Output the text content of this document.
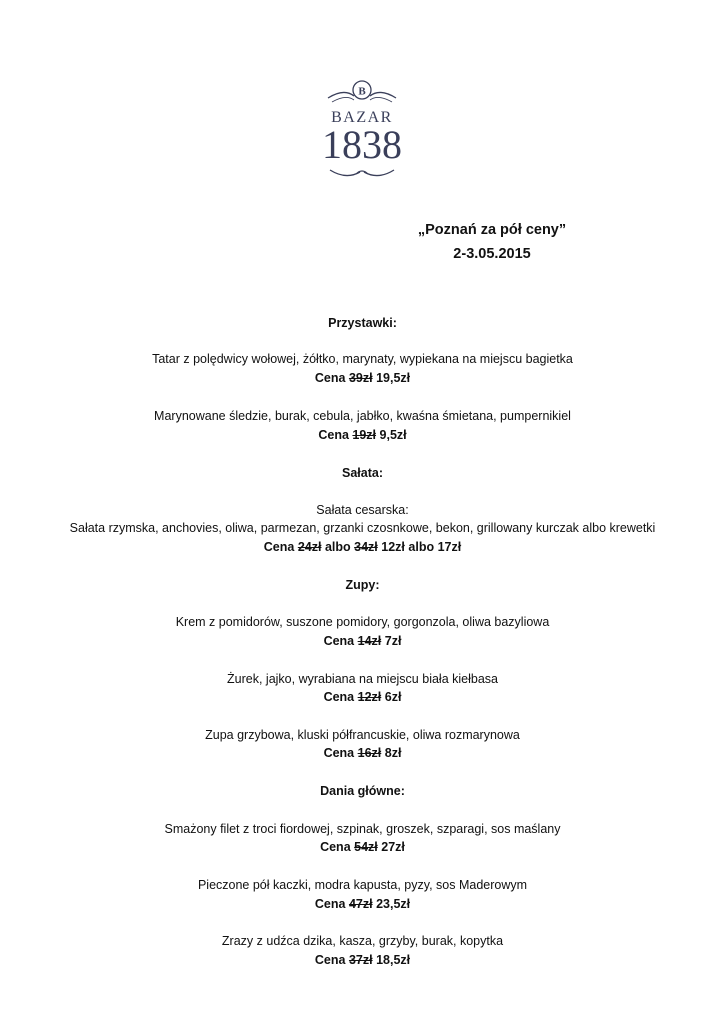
B
BAZAR
1838
„Poznań za pół ceny”
2-3.05.2015
Przystawki:
Tatar z polędwicy wołowej, żółtko, marynaty, wypiekana na miejscu bagietka
Cena 39zł 19,5zł
Marynowane śledzie, burak, cebula, jabłko, kwaśna śmietana, pumpernikiel
Cena 19zł 9,5zł
Sałata:
Sałata cesarska:
Sałata rzymska, anchovies, oliwa, parmezan, grzanki czosnkowe, bekon, grillowany kurczak albo krewetki
Cena 24zł albo 34zł 12zł albo 17zł
Zupy:
Krem z pomidorów, suszone pomidory, gorgonzola, oliwa bazyliowa
Cena 14zł 7zł
Żurek, jajko, wyrabiana na miejscu biała kiełbasa
Cena 12zł 6zł
Zupa grzybowa, kluski półfrancuskie, oliwa rozmarynowa
Cena 16zł 8zł
Dania główne:
Smażony filet z troci fiordowej, szpinak, groszek, szparagi, sos maślany
Cena 54zł 27zł
Pieczone pół kaczki, modra kapusta, pyzy, sos Maderowym
Cena 47zł 23,5zł
Zrazy z udźca dzika, kasza, grzyby, burak, kopytka
Cena 37zł 18,5zł
